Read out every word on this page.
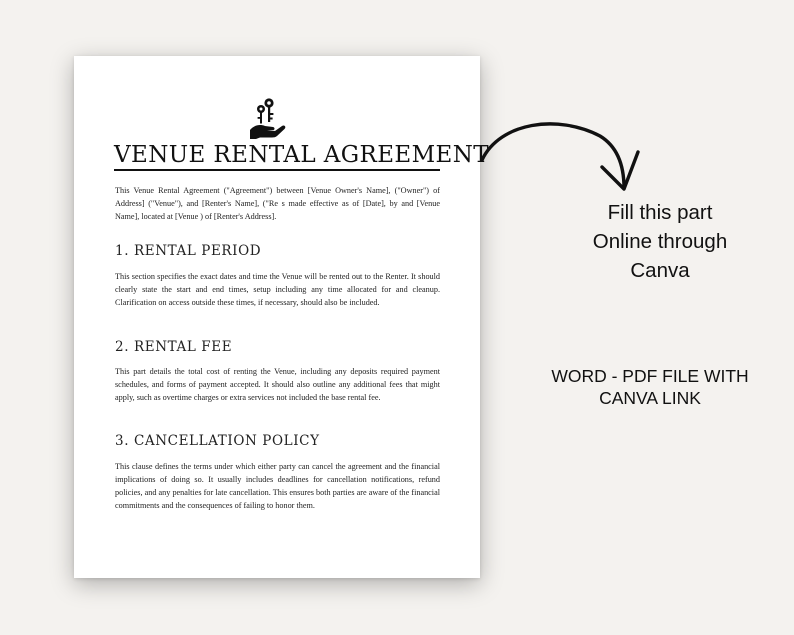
VENUE RENTAL AGREEMENT

This Venue Rental Agreement ("Agreement") between [Venue Owner's Name], ("Owner") of Address] ("Venue"), and [Renter's Name], ("Re s made effective as of [Date], by and [Venue Name], located at [Venue ) of [Renter's Address].

1. RENTAL PERIOD

This section specifies the exact dates and time the Venue will be rented out to the Renter. It should clearly state the start and end times, setup including any time allocated for and cleanup. Clarification on access outside these times, if necessary, should also be included.

2. RENTAL FEE

This part details the total cost of renting the Venue, including any deposits required payment schedules, and forms of payment accepted. It should also outline any additional fees that might apply, such as overtime charges or extra services not included the base rental fee.

3. CANCELLATION POLICY

This clause defines the terms under which either party can cancel the agreement and the financial implications of doing so. It usually includes deadlines for cancellation notifications, refund policies, and any penalties for late cancellation. This ensures both parties are aware of the financial commitments and the consequences of failing to honor them.

Fill this part
Online through
Canva
WORD - PDF FILE WITH
CANVA LINK
